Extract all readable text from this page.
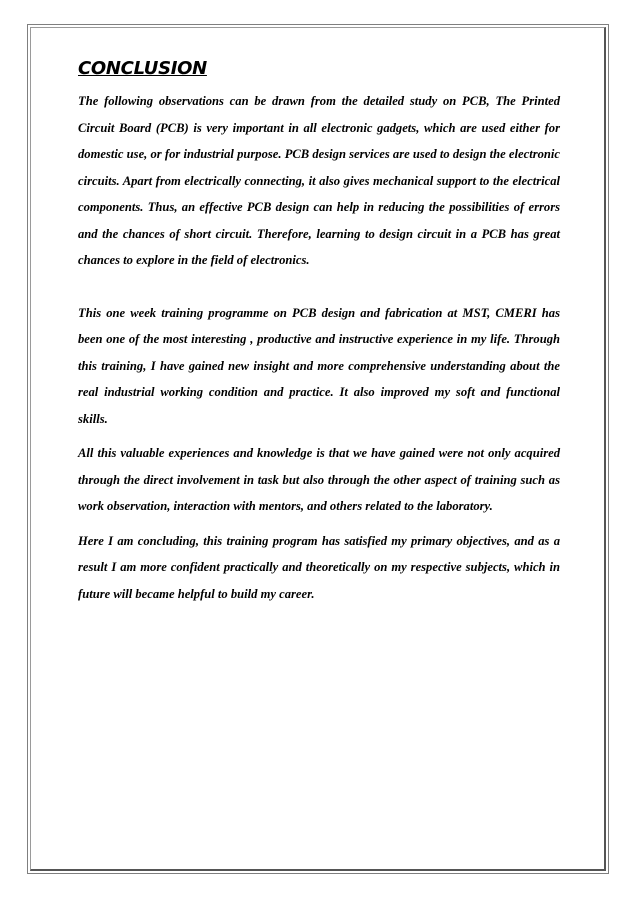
CONCLUSION

The following observations can be drawn from the detailed study on PCB, The Printed Circuit Board (PCB) is very important in all electronic gadgets, which are used either for domestic use, or for industrial purpose. PCB design services are used to design the electronic circuits. Apart from electrically connecting, it also gives mechanical support to the electrical components. Thus, an effective PCB design can help in reducing the possibilities of errors and the chances of short circuit. Therefore, learning to design circuit in a PCB has great chances to explore in the field of electronics.

This one week training programme on PCB design and fabrication at MST, CMERI has been one of the most interesting , productive and instructive experience in my life. Through this training, I have gained new insight and more comprehensive understanding about the real industrial working condition and practice. It also improved my soft and functional skills.

All this valuable experiences and knowledge is that we have gained were not only acquired through the direct involvement in task but also through the other aspect of training such as work observation, interaction with mentors, and others related to the laboratory.

Here I am concluding, this training program has satisfied my primary objectives, and as a result I am more confident practically and theoretically on my respective subjects, which in future will became helpful to build my career.
